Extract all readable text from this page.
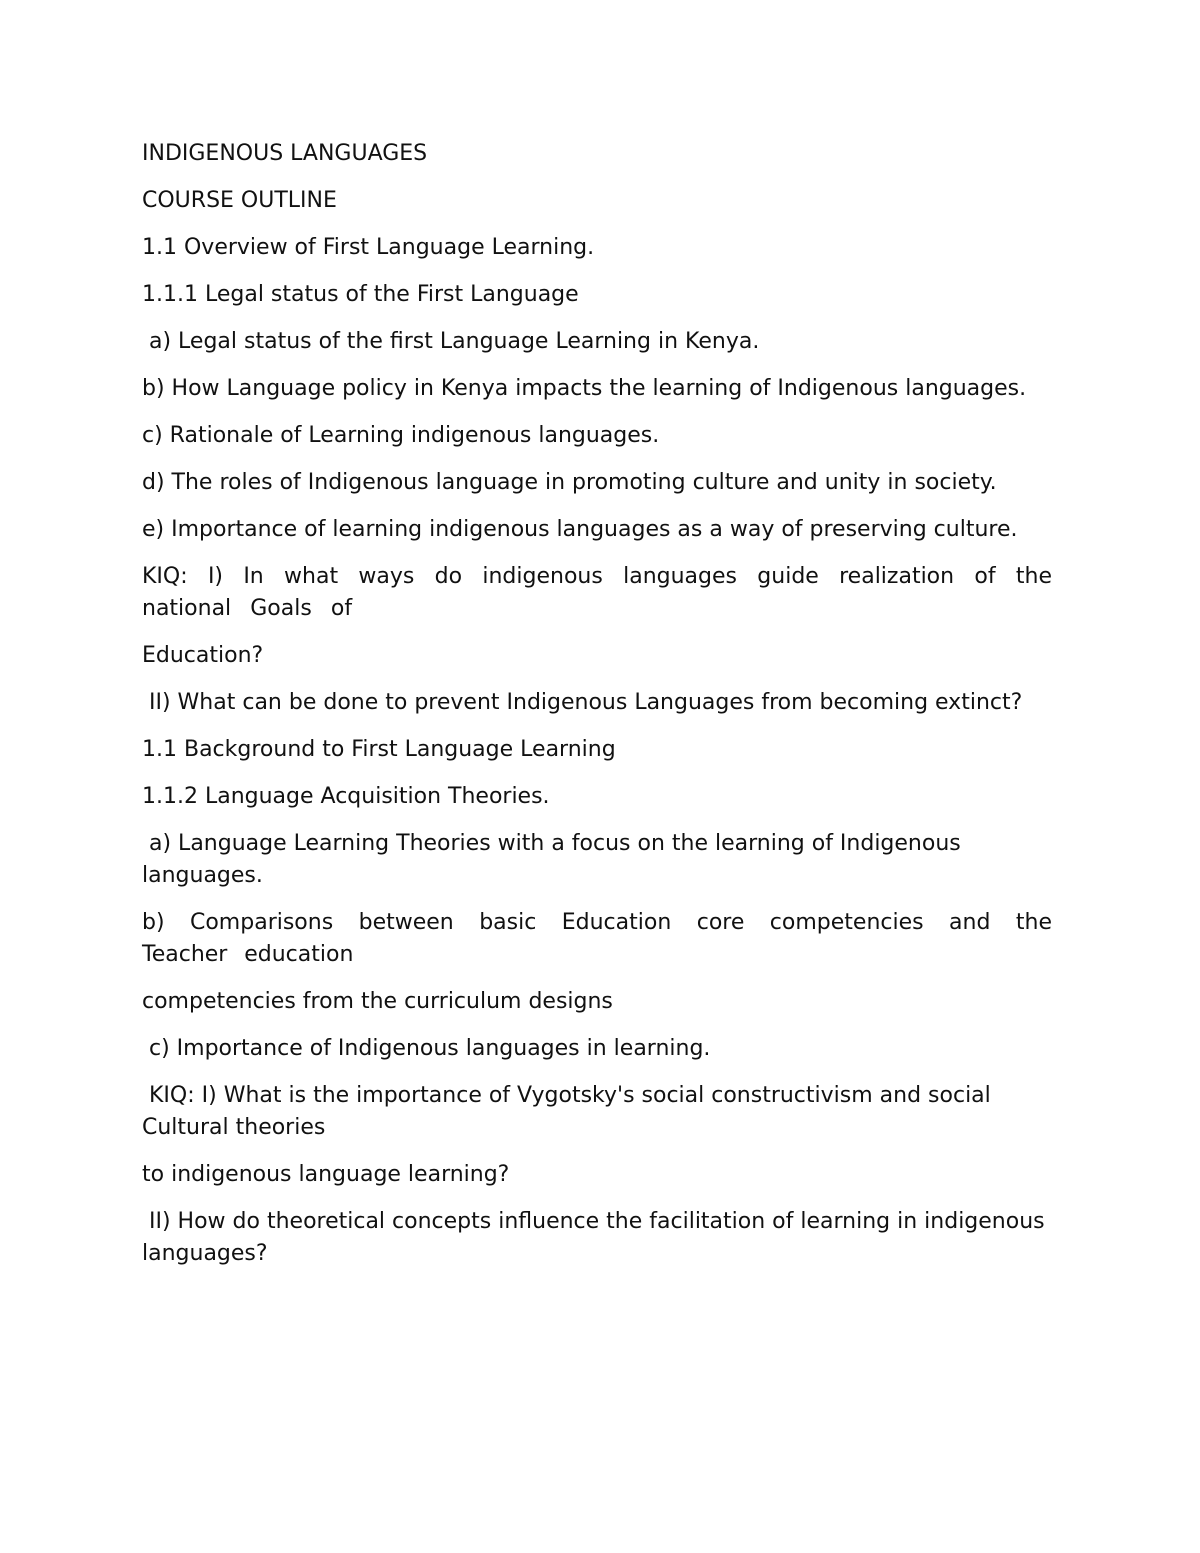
INDIGENOUS LANGUAGES

COURSE OUTLINE

1.1 Overview of First Language Learning.

1.1.1 Legal status of the First Language

a) Legal status of the first Language Learning in Kenya.

b) How Language policy in Kenya impacts the learning of Indigenous languages.

c) Rationale of Learning indigenous languages.

d) The roles of Indigenous language in promoting culture and unity in society.

e) Importance of learning indigenous languages as a way of preserving culture.

KIQ: I) In what ways do indigenous languages guide realization of the national Goals of

Education?

II) What can be done to prevent Indigenous Languages from becoming extinct?

1.1 Background to First Language Learning

1.1.2 Language Acquisition Theories.

a) Language Learning Theories with a focus on the learning of Indigenous languages.

b) Comparisons between basic Education core competencies and the Teacher education

competencies from the curriculum designs

c) Importance of Indigenous languages in learning.

KIQ: I) What is the importance of Vygotsky's social constructivism and social Cultural theories

to indigenous language learning?

II) How do theoretical concepts influence the facilitation of learning in indigenous languages?
